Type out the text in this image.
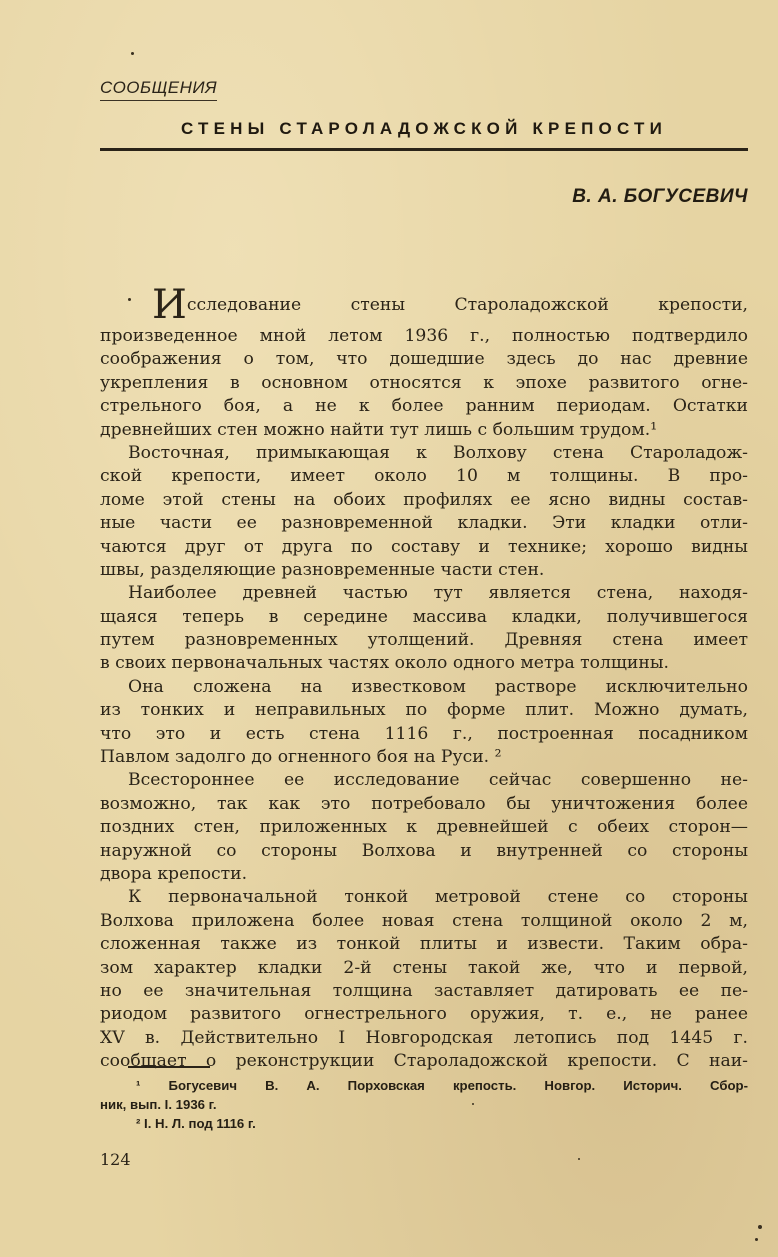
СООБЩЕНИЯ
СТЕНЫ СТАРОЛАДОЖСКОЙ КРЕПОСТИ
В. А. БОГУСЕВИЧ
Исследование стены Староладожской крепости,
произведенное мной летом 1936 г., полностью подтвердило
соображения о том, что дошедшие здесь до нас древние
укрепления в основном относятся к эпохе развитого огне-
стрельного боя, а не к более ранним периодам. Остатки
древнейших стен можно найти тут лишь с большим трудом.¹
Восточная, примыкающая к Волхову стена Староладож-
ской крепости, имеет около 10 м толщины. В про-
ломе этой стены на обоих профилях ее ясно видны состав-
ные части ее разновременной кладки. Эти кладки отли-
чаются друг от друга по составу и технике; хорошо видны
швы, разделяющие разновременные части стен.
Наиболее древней частью тут является стена, находя-
щаяся теперь в середине массива кладки, получившегося
путем разновременных утолщений. Древняя стена имеет
в своих первоначальных частях около одного метра толщины.
Она сложена на известковом растворе исключительно
из тонких и неправильных по форме плит. Можно думать,
что это и есть стена 1116 г., построенная посадником
Павлом задолго до огненного боя на Руси. ²
Всестороннее ее исследование сейчас совершенно не-
возможно, так как это потребовало бы уничтожения более
поздних стен, приложенных к древнейшей с обеих сторон—
наружной со стороны Волхова и внутренней со стороны
двора крепости.
К первоначальной тонкой метровой стене со стороны
Волхова приложена более новая стена толщиной около 2 м,
сложенная также из тонкой плиты и извести. Таким обра-
зом характер кладки 2-й стены такой же, что и первой,
но ее значительная толщина заставляет датировать ее пе-
риодом развитого огнестрельного оружия, т. е., не ранее
XV в. Действительно I Новгородская летопись под 1445 г.
сообщает о реконструкции Староладожской крепости. С наи-
¹ Богусевич В. А. Порховская крепость. Новгор. Историч. Сбор-
ник, вып. I. 1936 г.
² I. Н. Л. под 1116 г.
124
